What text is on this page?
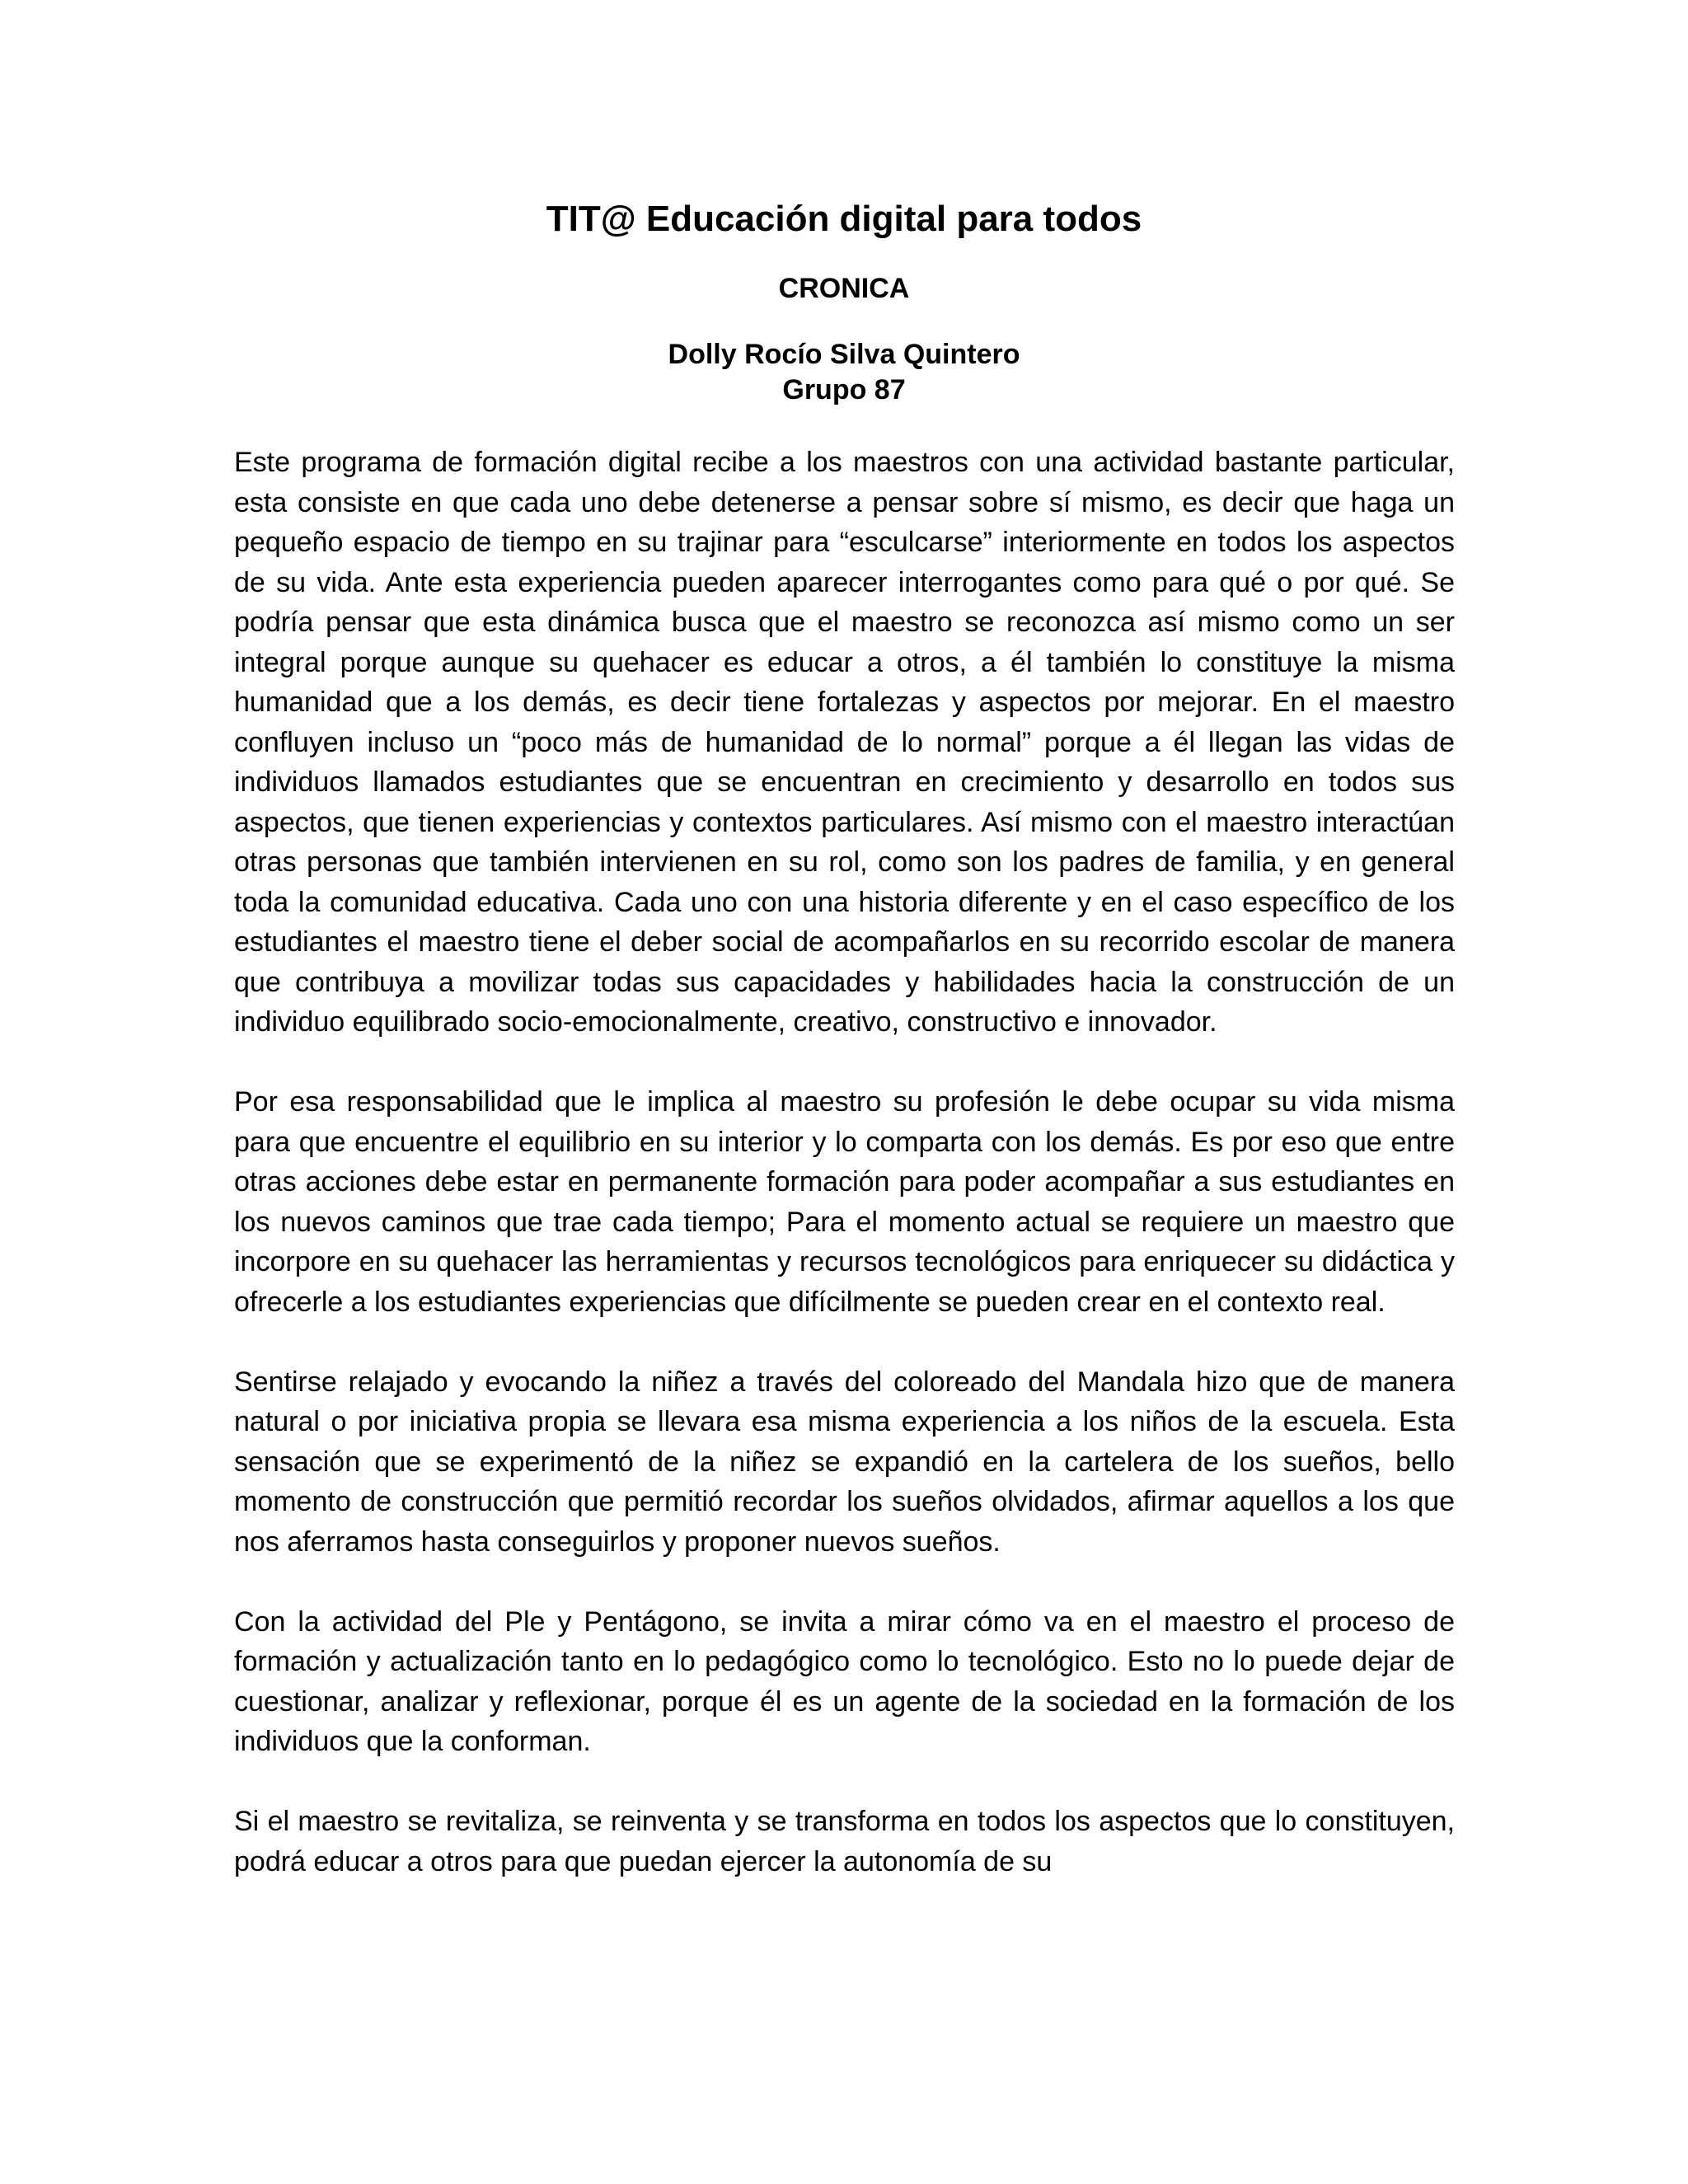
TIT@ Educación digital para todos
CRONICA
Dolly Rocío Silva Quintero
Grupo 87

Este programa de formación digital recibe a los maestros con una actividad bastante particular, esta consiste en que cada uno debe detenerse a pensar sobre sí mismo, es decir que haga un pequeño espacio de tiempo en su trajinar para “esculcarse” interiormente en todos los aspectos de su vida. Ante esta experiencia pueden aparecer interrogantes como para qué o por qué. Se podría pensar que esta dinámica busca que el maestro se reconozca así mismo como un ser integral porque aunque su quehacer es educar a otros, a él también lo constituye la misma humanidad que a los demás, es decir tiene fortalezas y aspectos por mejorar. En el maestro confluyen incluso un “poco más de humanidad de lo normal” porque a él llegan las vidas de individuos llamados estudiantes que se encuentran en crecimiento y desarrollo en todos sus aspectos, que tienen experiencias y contextos particulares. Así mismo con el maestro interactúan otras personas que también intervienen en su rol, como son los padres de familia, y en general toda la comunidad educativa. Cada uno con una historia diferente y en el caso específico de los estudiantes el maestro tiene el deber social de acompañarlos en su recorrido escolar de manera que contribuya a movilizar todas sus capacidades y habilidades hacia la construcción de un individuo equilibrado socio-emocionalmente, creativo, constructivo e innovador.

Por esa responsabilidad que le implica al maestro su profesión le debe ocupar su vida misma para que encuentre el equilibrio en su interior y lo comparta con los demás. Es por eso que entre otras acciones debe estar en permanente formación para poder acompañar a sus estudiantes en los nuevos caminos que trae cada tiempo; Para el momento actual se requiere un maestro que incorpore en su quehacer las herramientas y recursos tecnológicos para enriquecer su didáctica y ofrecerle a los estudiantes experiencias que difícilmente se pueden crear en el contexto real.

Sentirse relajado y evocando la niñez a través del coloreado del Mandala hizo que de manera natural o por iniciativa propia se llevara esa misma experiencia a los niños de la escuela. Esta sensación que se experimentó de la niñez se expandió en la cartelera de los sueños, bello momento de construcción que permitió recordar los sueños olvidados, afirmar aquellos a los que nos aferramos hasta conseguirlos y proponer nuevos sueños.

Con la actividad del Ple y Pentágono, se invita a mirar cómo va en el maestro el proceso de formación y actualización tanto en lo pedagógico como lo tecnológico. Esto no lo puede dejar de cuestionar, analizar y reflexionar, porque él es un agente de la sociedad en la formación de los individuos que la conforman.

Si el maestro se revitaliza, se reinventa y se transforma en todos los aspectos que lo constituyen, podrá educar a otros para que puedan ejercer la autonomía de su
